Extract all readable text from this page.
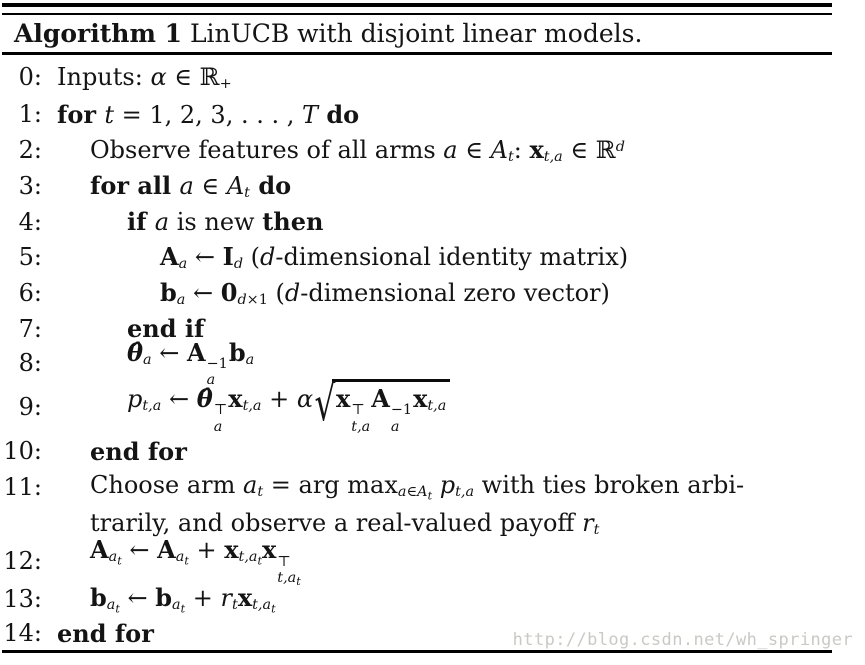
Algorithm 1 LinUCB with disjoint linear models.
0: Inputs: α ∈ ℝ$_+$
1: for t = 1, 2, 3, . . . , T do
2: Observe features of all arms a ∈ $A_t$: $x_{t,a}$ ∈ ℝ$^d$
3: for all a ∈ $A_t$ do
4:	if a is new then
5:	$A_a$ ← $I_d$ (d-dimensional identity matrix)
6:	$b_a$ ← $0_{d\times 1}$ (d-dimensional zero vector)
7:	end if
8:	$\thetâ_a$ ← A −1
a
$b_a$
9:	$p_{t,a}$ ← θ̂ ⊤
a
$x_{t,a} + \alpha√x$ ⊤
t,a
A −1
a
$x_{t,a}$
10: end for
11: Choose arm $a_t$ = arg $\max_{a\in A_t} p_{t,a}$ with ties broken arbi-
trarily, and observe a real-valued payoff $r_t$
12: $A_{a_t}$ ← $A_{a_t} + x_{t,a_t}x$ ⊤
$t,a_t$
13: $b_{a_t}$ ← $b_{a_t} + r_tx_{t,a_t}$
14: end for	http://blog.csdn.net/wh_springer
